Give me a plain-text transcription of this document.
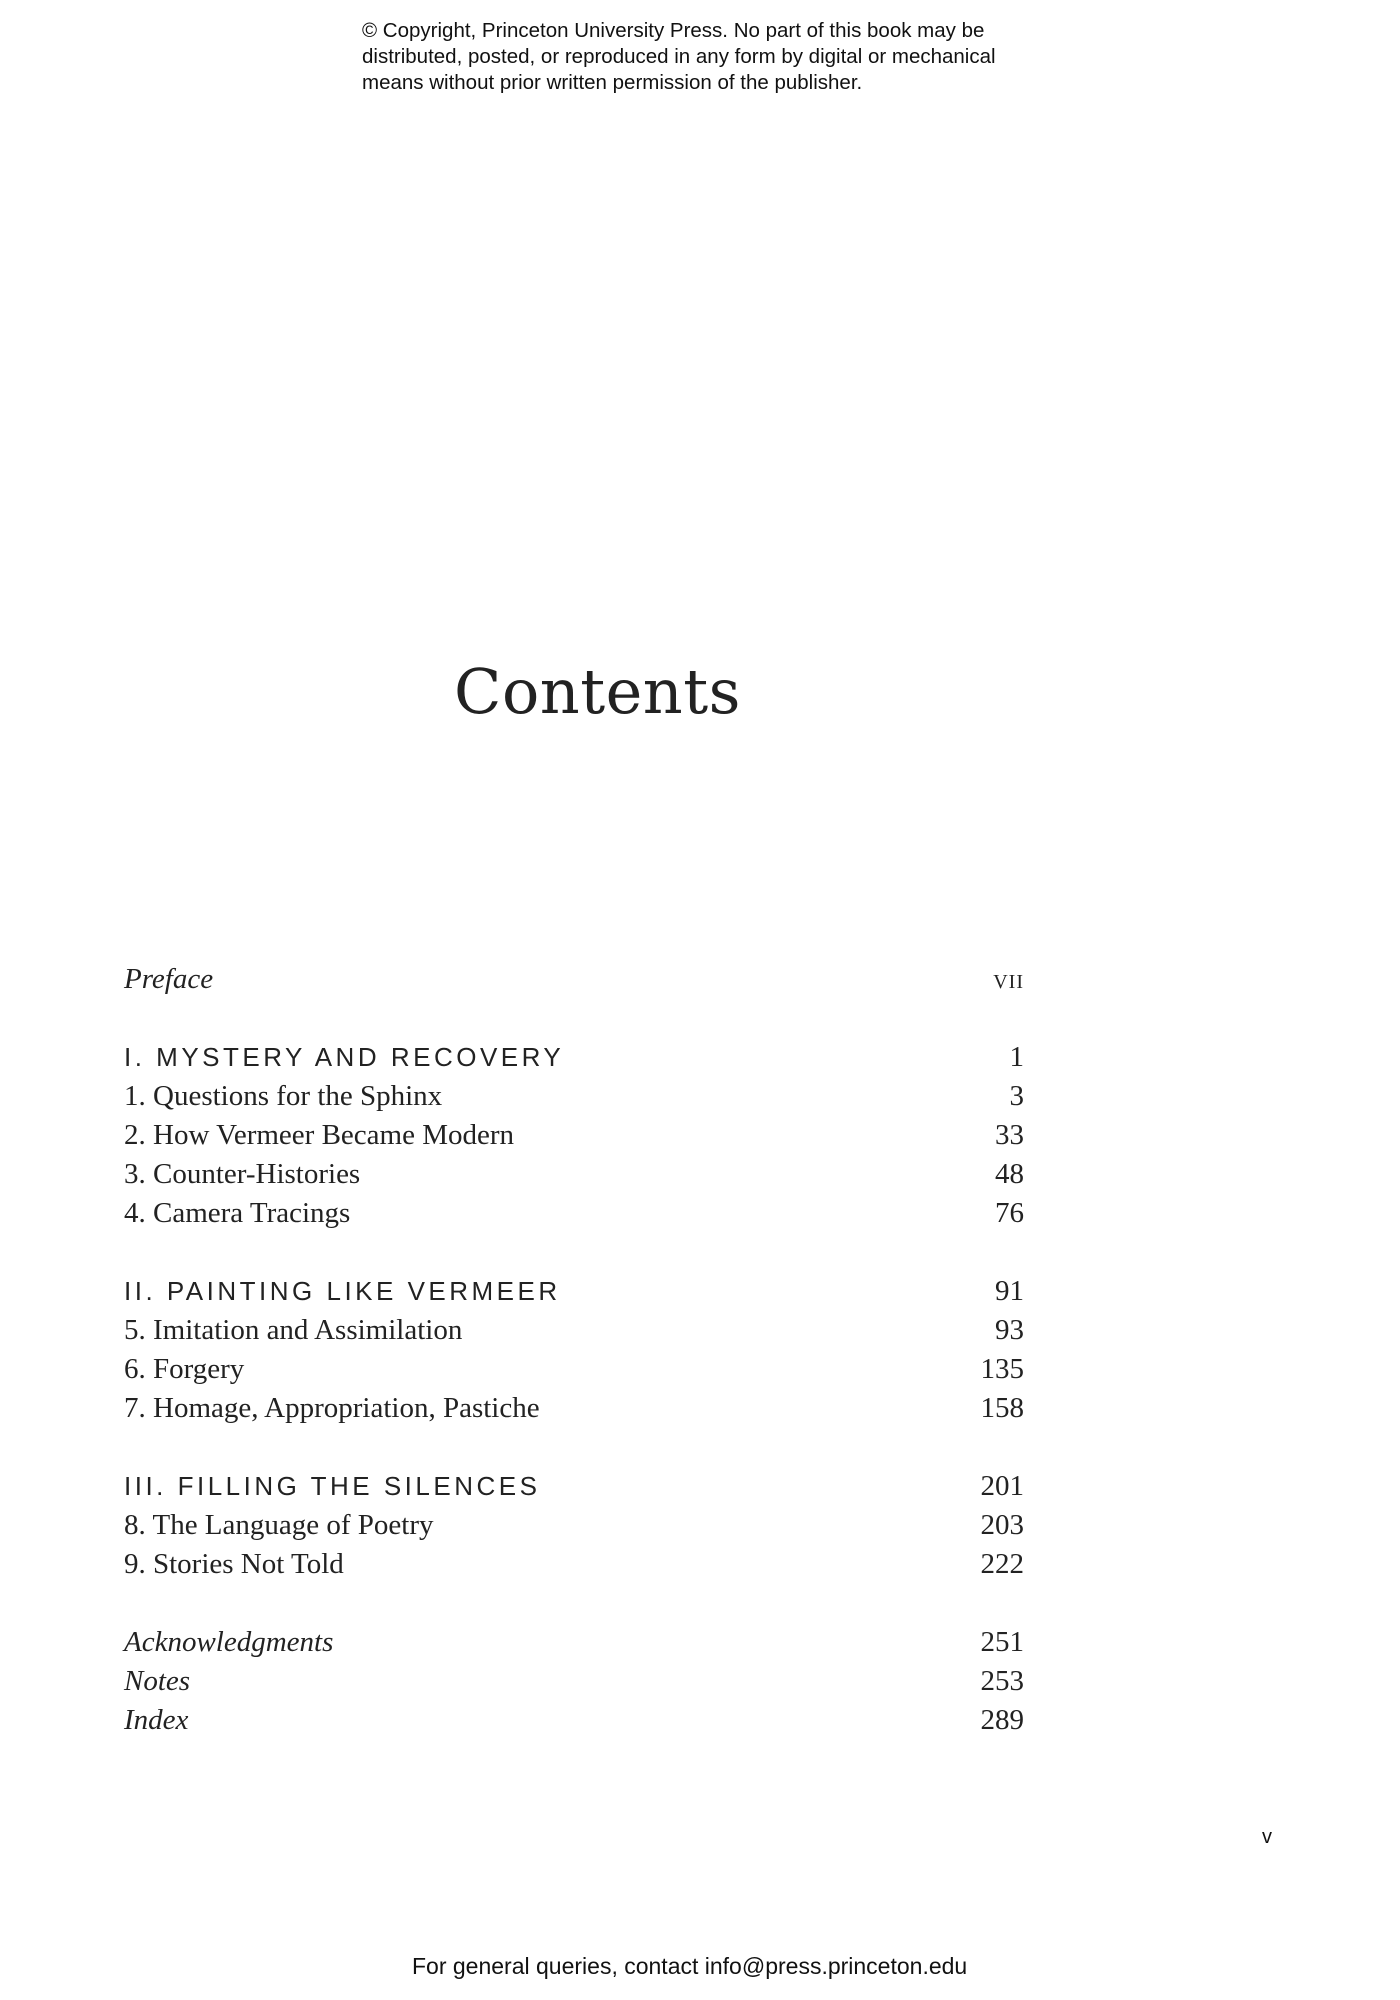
© Copyright, Princeton University Press. No part of this book may be
distributed, posted, or reproduced in any form by digital or mechanical
means without prior written permission of the publisher.
Contents
Preface	vii
I. MYSTERY AND RECOVERY	1
1. Questions for the Sphinx	3
2. How Vermeer Became Modern	33
3. Counter-Histories	48
4. Camera Tracings	76
II. PAINTING LIKE VERMEER	91
5. Imitation and Assimilation	93
6. Forgery	135
7. Homage, Appropriation, Pastiche	158
III. FILLING THE SILENCES	201
8. The Language of Poetry	203
9. Stories Not Told	222
Acknowledgments	251
Notes	253
Index	289
v
For general queries, contact info@press.princeton.edu
